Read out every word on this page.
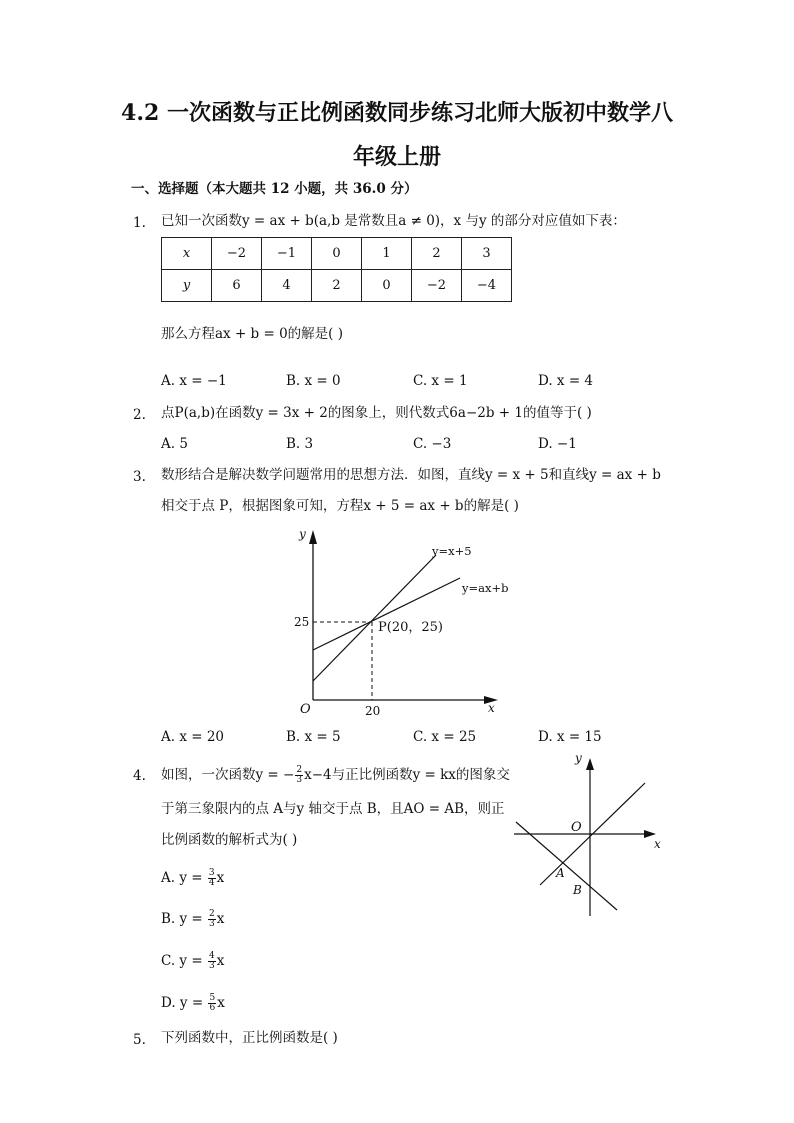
4.2 一次函数与正比例函数同步练习北师大版初中数学八
年级上册
一、选择题（本大题共 12 小题，共 36.0 分）
1. 已知一次函数y = ax + b(a,b 是常数且a ≠ 0)，x 与y 的部分对应值如下表：
x	−2	−1	0	1	2	3
y	6	4	2	0	−2	−4
那么方程ax + b = 0的解是( )
A. x = −1	B. x = 0	C. x = 1	D. x = 4
2. 点P(a,b)在函数y = 3x + 2的图象上，则代数式6a−2b + 1的值等于( )
A. 5	B. 3	C. −3	D. −1
3. 数形结合是解决数学问题常用的思想方法．如图，直线y = x + 5和直线y = ax + b
相交于点 P，根据图象可知，方程x + 5 = ax + b的解是( )
y
x
O
y=x+5
y=ax+b
25
20
P(20，25)
A. x = 20	B. x = 5	C. x = 25	D. x = 15
4. 如图，一次函数y = − $\frac{2}{3} x-4$与正比例函数y = kx的图象交
于第三象限内的点 A与y 轴交于点 B，且AO = AB，则正
比例函数的解析式为( )
y
x
O
A
B
A. $y = \frac{3}{4}$ x
B. $y = \frac{2}{3}$ x
C. $y = \frac{4}{3}$ x
D. $y = \frac{5}{6}$ x
5. 下列函数中，正比例函数是( )
